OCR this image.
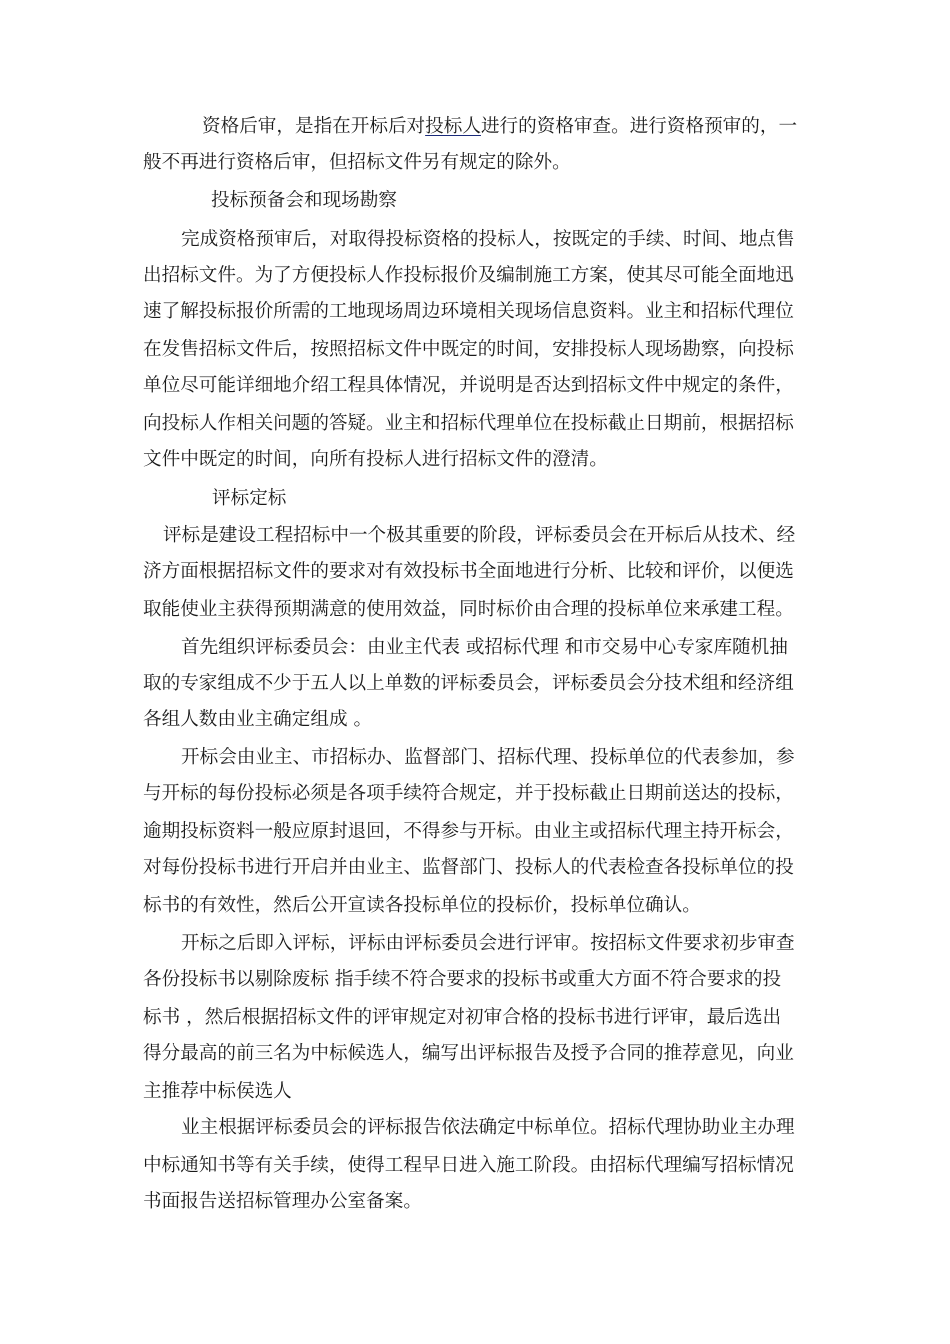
资格后审，是指在开标后对投标人进行的资格审查。进行资格预审的，一
般不再进行资格后审，但招标文件另有规定的除外。
投标预备会和现场勘察
完成资格预审后，对取得投标资格的投标人，按既定的手续、时间、地点售
出招标文件。为了方便投标人作投标报价及编制施工方案，使其尽可能全面地迅
速了解投标报价所需的工地现场周边环境相关现场信息资料。业主和招标代理位
在发售招标文件后，按照招标文件中既定的时间，安排投标人现场勘察，向投标
单位尽可能详细地介绍工程具体情况，并说明是否达到招标文件中规定的条件，
向投标人作相关问题的答疑。业主和招标代理单位在投标截止日期前，根据招标
文件中既定的时间，向所有投标人进行招标文件的澄清。
评标定标
评标是建设工程招标中一个极其重要的阶段，评标委员会在开标后从技术、经
济方面根据招标文件的要求对有效投标书全面地进行分析、比较和评价，以便选
取能使业主获得预期满意的使用效益，同时标价由合理的投标单位来承建工程。
首先组织评标委员会：由业主代表 或招标代理 和市交易中心专家库随机抽
取的专家组成不少于五人以上单数的评标委员会，评标委员会分技术组和经济组
各组人数由业主确定组成 。
开标会由业主、市招标办、监督部门、招标代理、投标单位的代表参加，参
与开标的每份投标必须是各项手续符合规定，并于投标截止日期前送达的投标，
逾期投标资料一般应原封退回，不得参与开标。由业主或招标代理主持开标会，
对每份投标书进行开启并由业主、监督部门、投标人的代表检查各投标单位的投
标书的有效性，然后公开宣读各投标单位的投标价，投标单位确认。
开标之后即入评标，评标由评标委员会进行评审。按招标文件要求初步审查
各份投标书以剔除废标 指手续不符合要求的投标书或重大方面不符合要求的投
标书 ，然后根据招标文件的评审规定对初审合格的投标书进行评审，最后选出
得分最高的前三名为中标候选人，编写出评标报告及授予合同的推荐意见，向业
主推荐中标侯选人
业主根据评标委员会的评标报告依法确定中标单位。招标代理协助业主办理
中标通知书等有关手续，使得工程早日进入施工阶段。由招标代理编写招标情况
书面报告送招标管理办公室备案。
